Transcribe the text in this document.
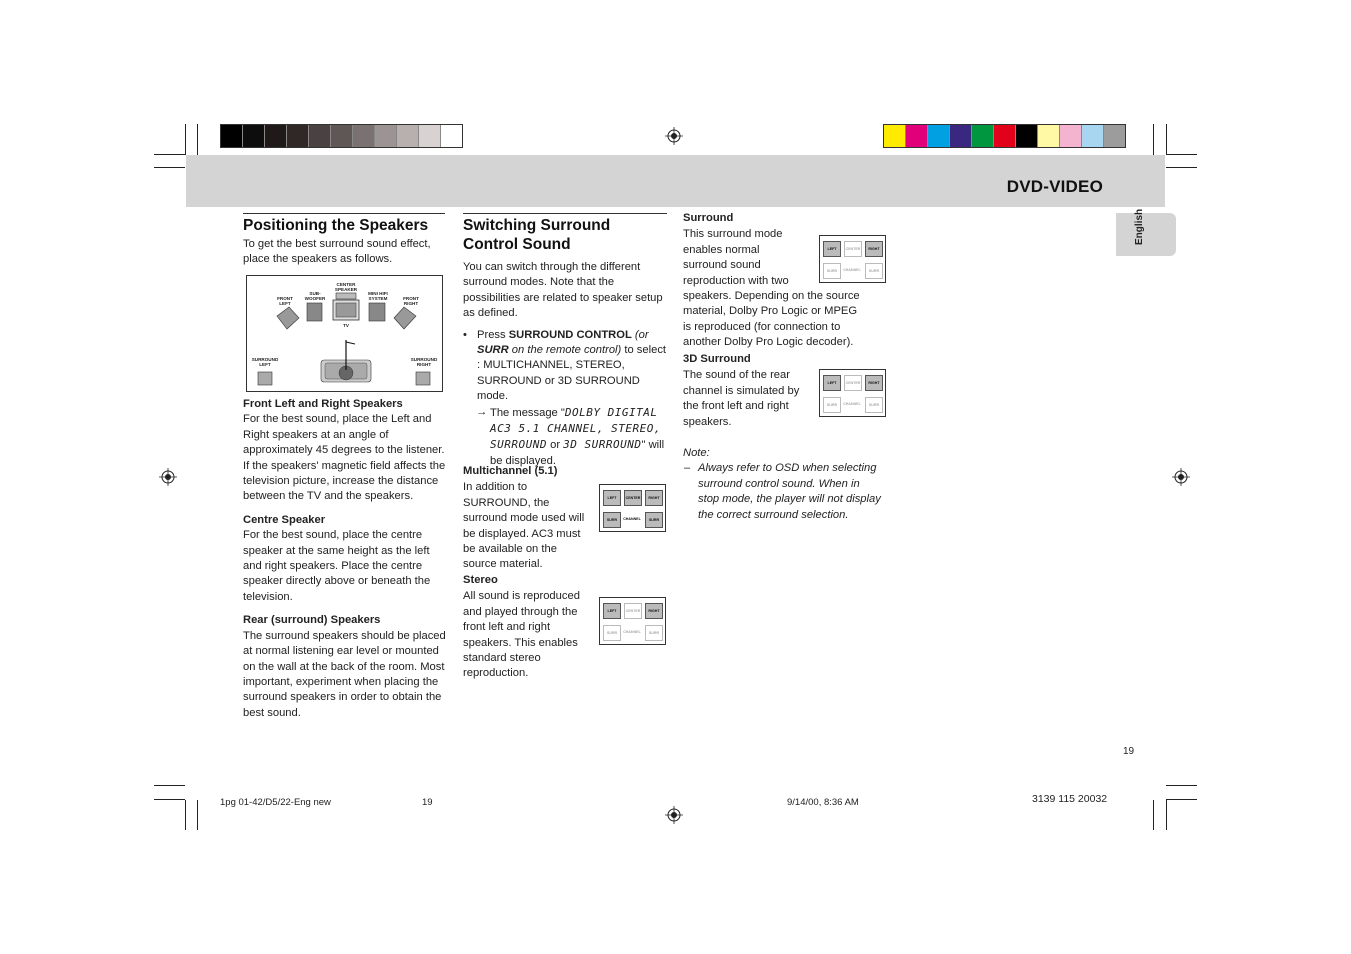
DVD-VIDEO
English
Positioning the Speakers

To get the best surround sound effect, place the speakers as follows.

CENTER SPEAKER
SUB-WOOFER
MINI HIFI SYSTEM
FRONT LEFT
FRONT RIGHT
TV
SURROUND LEFT
SURROUND RIGHT

Front Left and Right Speakers

For the best sound, place the Left and Right speakers at an angle of approximately 45 degrees to the listener. If the speakers' magnetic field affects the television picture, increase the distance between the TV and the speakers.

Centre Speaker

For the best sound, place the centre speaker at the same height as the left and right speakers. Place the centre speaker directly above or beneath the television.

Rear (surround) Speakers

The surround speakers should be placed at normal listening ear level or mounted on the wall at the back of the room. Most important, experiment when placing the surround speakers in order to obtain the best sound.

Switching Surround Control Sound

You can switch through the different surround modes. Note that the possibilities are related to speaker setup as defined.

• Press SURROUND CONTROL (or SURR on the remote control) to select : MULTICHANNEL, STEREO, SURROUND or 3D SURROUND mode.
→ The message "DOLBY DIGITAL AC3 5.1 CHANNEL, STEREO, SURROUND or 3D SURROUND" will be displayed.

Multichannel (5.1)

In addition to SURROUND, the surround mode used will be displayed. AC3 must be available on the source material.

LEFT	CENTER	RIGHT
SURR	CHANNEL	SURR

Stereo

All sound is reproduced and played through the front left and right speakers. This enables standard stereo reproduction.

LEFT	CENTER	RIGHT
SURR	CHANNEL	SURR

Surround

This surround mode enables normal surround sound reproduction with two speakers. Depending on the source material, Dolby Pro Logic or MPEG is reproduced (for connection to another Dolby Pro Logic decoder).

LEFT	CENTER	RIGHT
SURR	CHANNEL	SURR

3D Surround

The sound of the rear channel is simulated by the front left and right speakers.

LEFT	CENTER	RIGHT
SURR	CHANNEL	SURR

Note:

– Always refer to OSD when selecting surround control sound. When in stop mode, the player will not display the correct surround selection.

19
1pg 01-42/D5/22-Eng new	19	9/14/00, 8:36 AM	3139 115 20032
